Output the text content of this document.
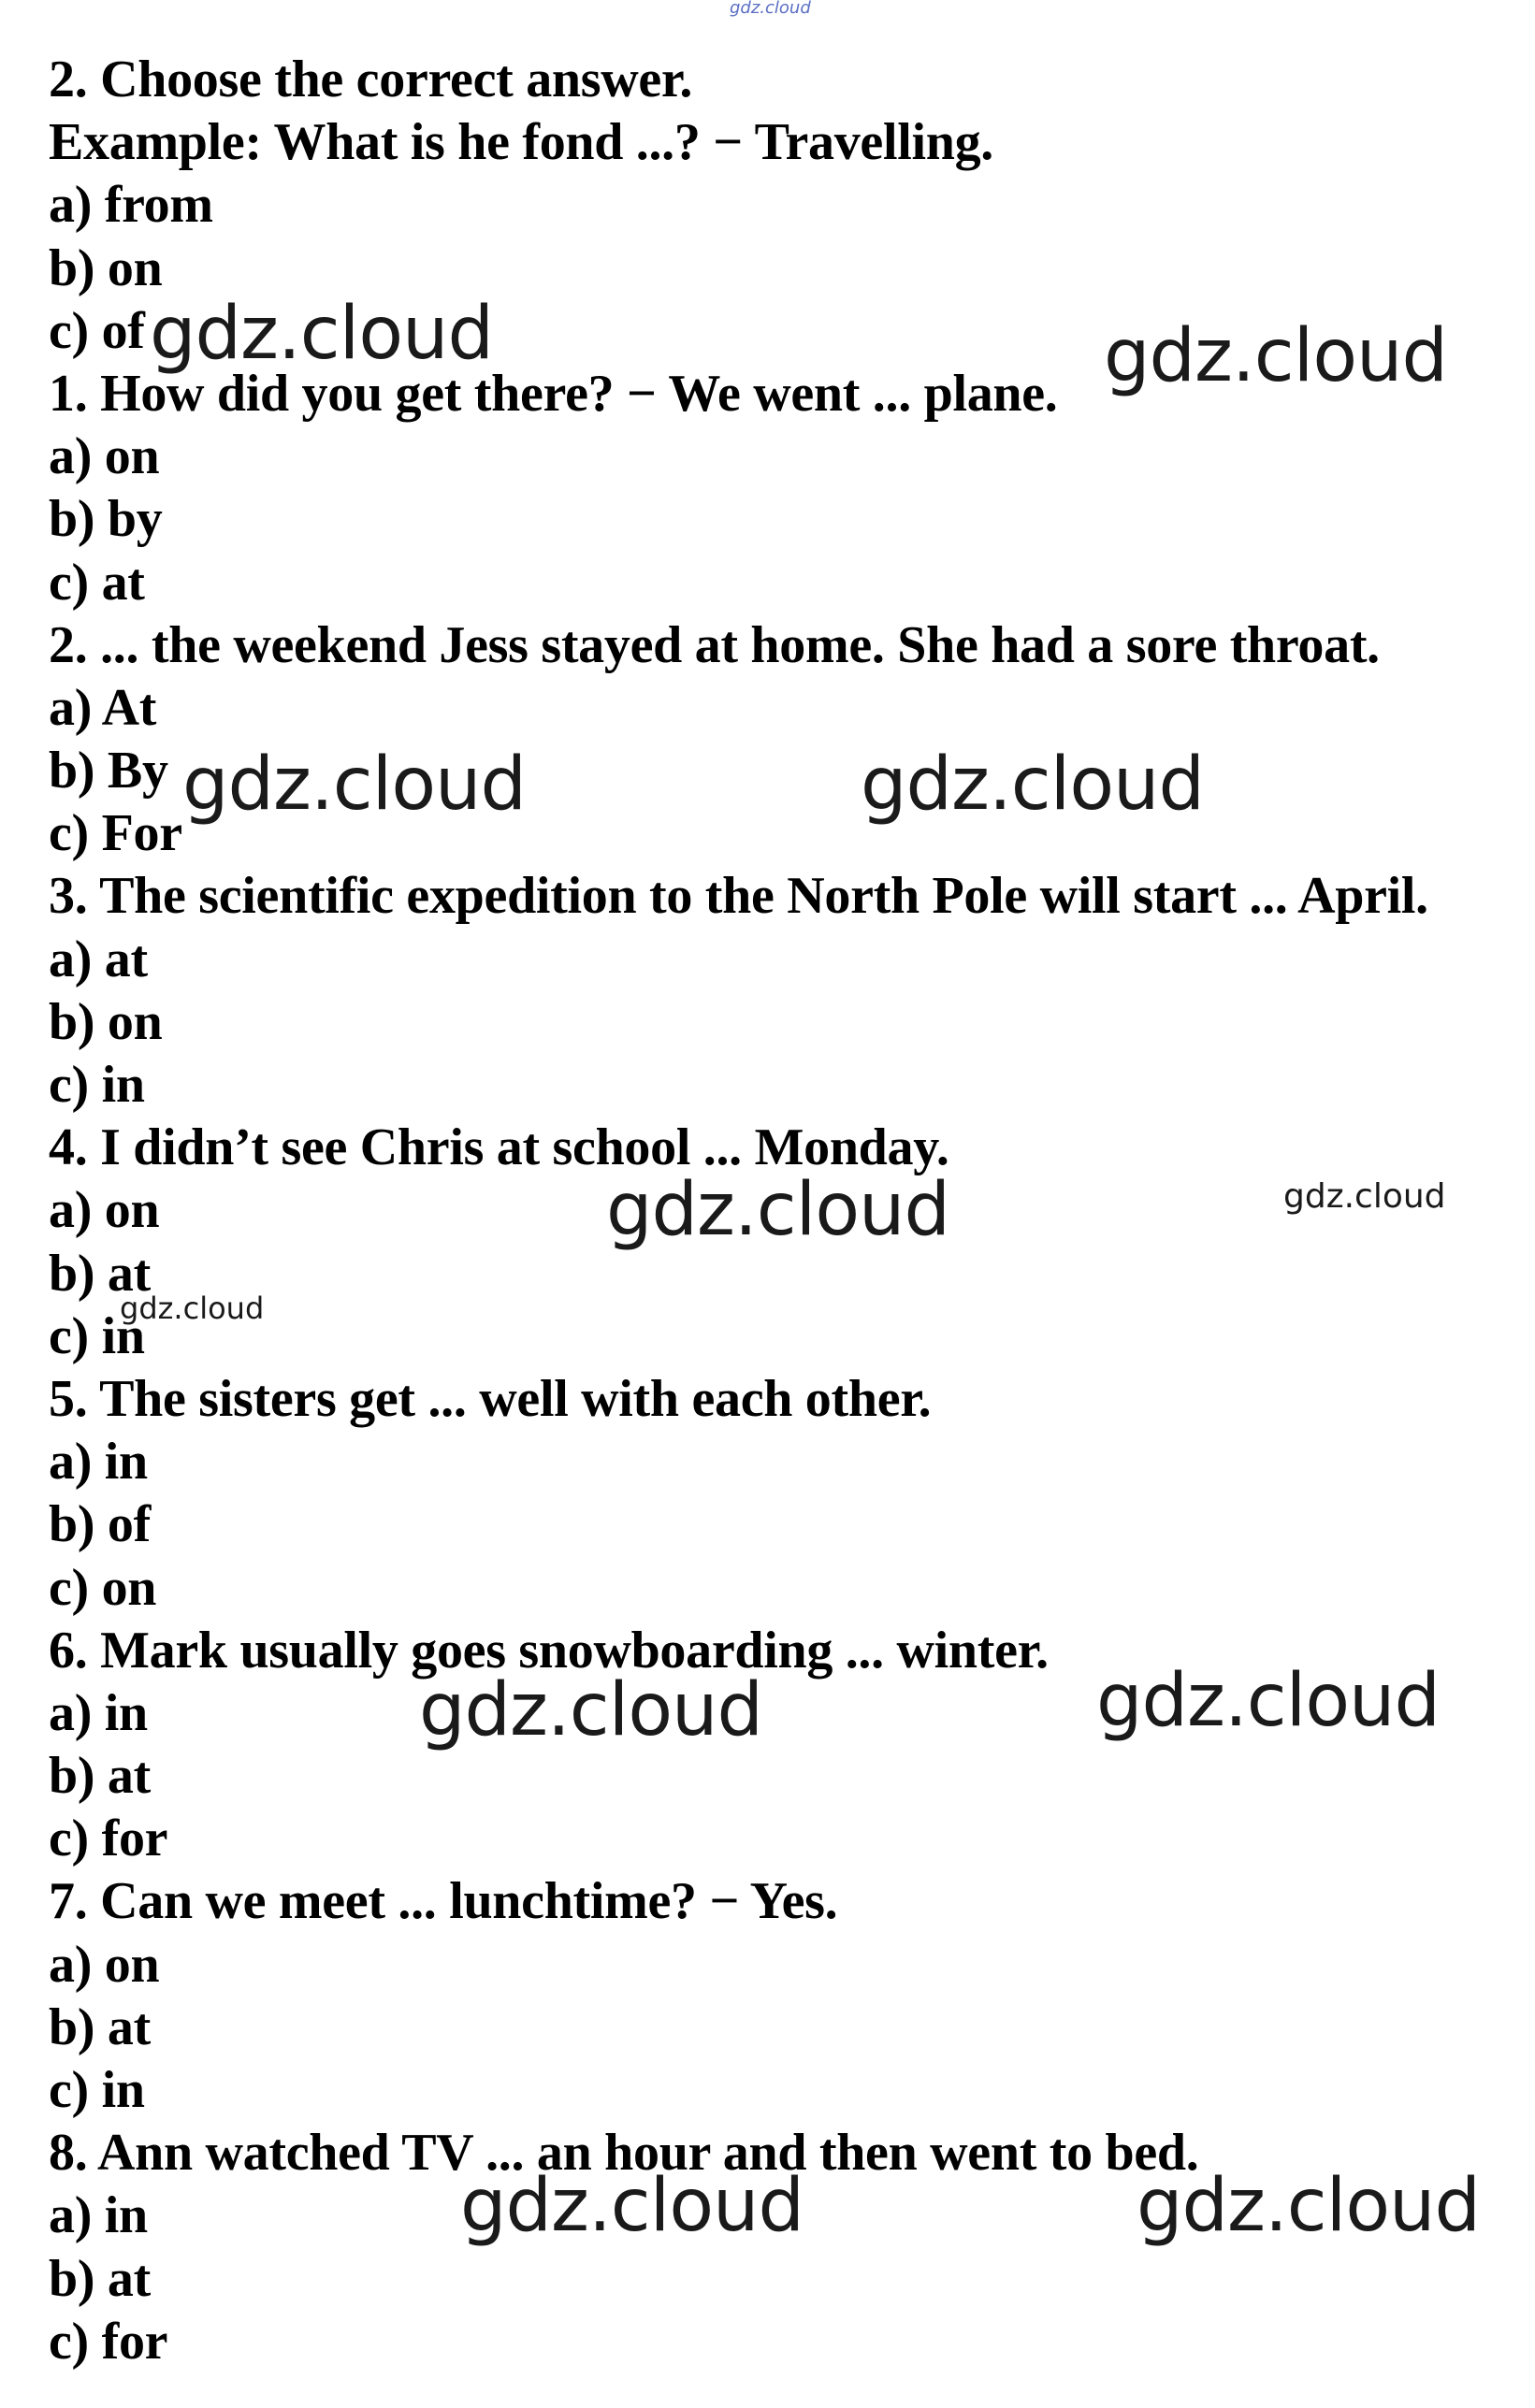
2. Choose the correct answer.
Example: What is he fond ...? − Travelling.
a) from
b) on
c) of
1. How did you get there? − We went ... plane.
a) on
b) by
c) at
2. ... the weekend Jess stayed at home. She had a sore throat.
a) At
b) By
c) For
3. The scientific expedition to the North Pole will start ... April.
a) at
b) on
c) in
4. I didn’t see Chris at school ... Monday.
a) on
b) at
c) in
5. The sisters get ... well with each other.
a) in
b) of
c) on
6. Mark usually goes snowboarding ... winter.
a) in
b) at
c) for
7. Can we meet ... lunchtime? − Yes.
a) on
b) at
c) in
8. Ann watched TV ... an hour and then went to bed.
a) in
b) at
c) for
gdz.cloud
gdz.cloud	gdz.cloud
gdz.cloud	gdz.cloud
gdz.cloud	gdz.cloud
gdz.cloud
gdz.cloud	gdz.cloud
gdz.cloud	gdz.cloud
